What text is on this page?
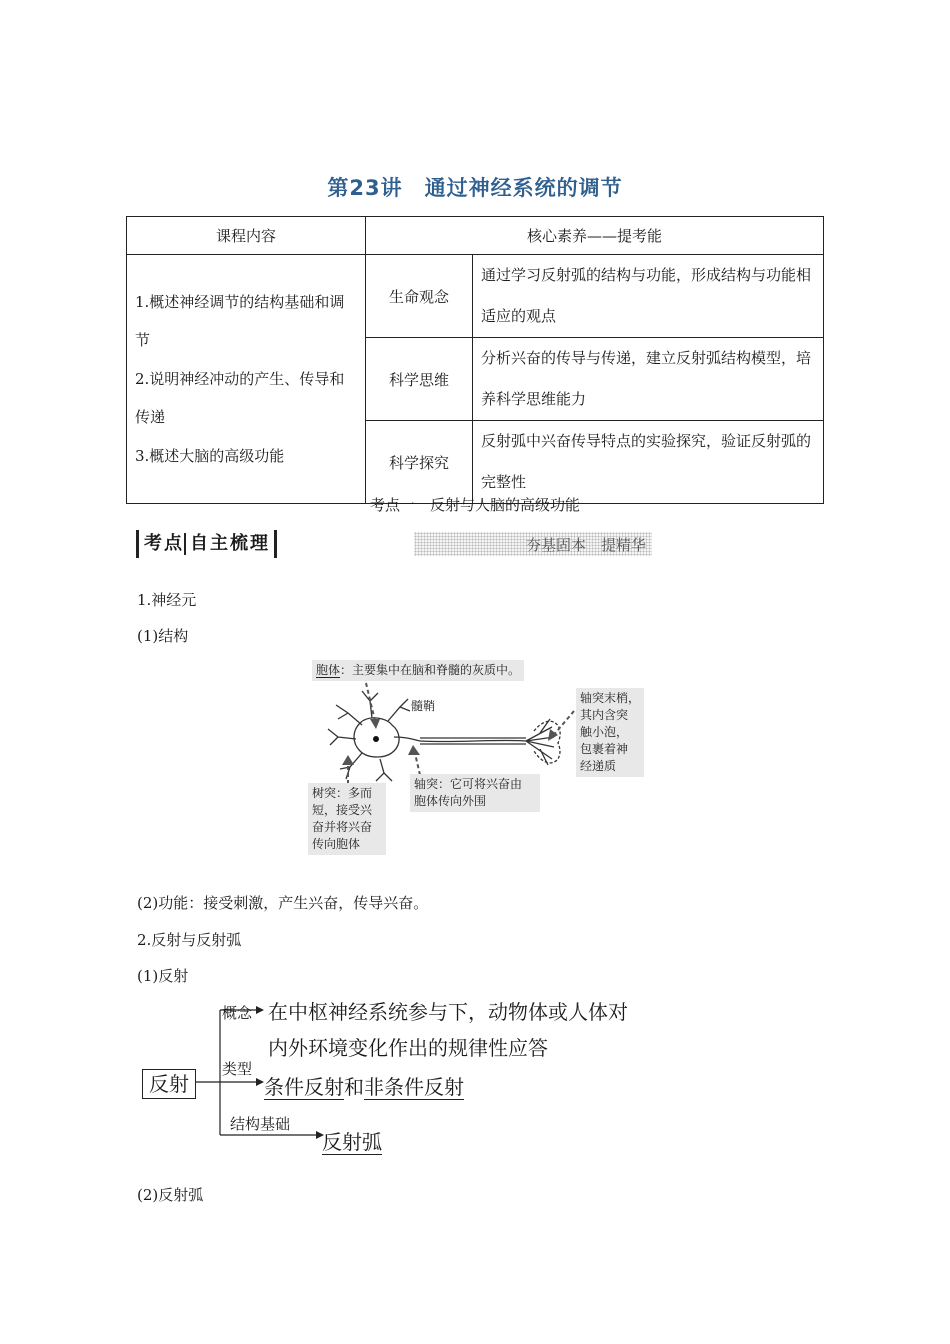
第23讲　通过神经系统的调节
课程内容	核心素养——提考能	

1.概述神经调节的结构基础和调节
2.说明神经冲动的产生、传导和传递
3.概述大脑的高级功能	生命观念	通过学习反射弧的结构与功能，形成结构与功能相适应的观点
	科学思维	分析兴奋的传导与传递，建立反射弧结构模型，培养科学思维能力
	科学探究	反射弧中兴奋传导特点的实验探究，验证反射弧的完整性
考点一　反射与人脑的高级功能
考点 自主梳理	夯基固本　提精华
1.神经元
(1)结构
胞体：主要集中在脑和脊髓的灰质中。
髓鞘
轴突末梢，
其内含突
触小泡，
包裹着神
经递质
树突：多而
短，接受兴
奋并将兴奋
传向胞体
轴突：它可将兴奋由
胞体传向外围
(2)功能：接受刺激，产生兴奋，传导兴奋。
2.反射与反射弧
(1)反射
反射
概念 在中枢神经系统参与下，动物体或人体对
内外环境变化作出的规律性应答
类型
条件反射和非条件反射
结构基础
反射弧
(2)反射弧
